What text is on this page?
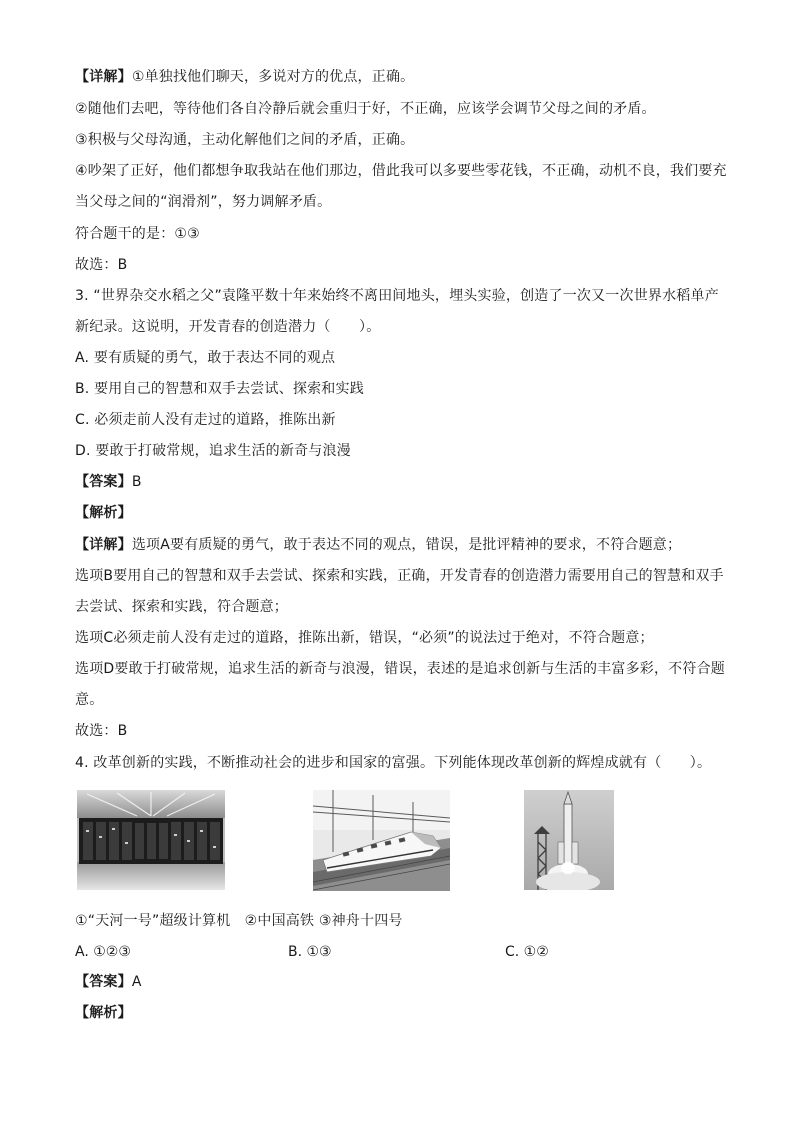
【详解】①单独找他们聊天，多说对方的优点，正确。
②随他们去吧，等待他们各自冷静后就会重归于好，不正确，应该学会调节父母之间的矛盾。
③积极与父母沟通，主动化解他们之间的矛盾，正确。
④吵架了正好，他们都想争取我站在他们那边，借此我可以多要些零花钱，不正确，动机不良，我们要充
当父母之间的“润滑剂”，努力调解矛盾。
符合题干的是：①③
故选：B
3. “世界杂交水稻之父”袁隆平数十年来始终不离田间地头，埋头实验，创造了一次又一次世界水稻单产
新纪录。这说明，开发青春的创造潜力（　　）。
A. 要有质疑的勇气，敢于表达不同的观点
B. 要用自己的智慧和双手去尝试、探索和实践
C. 必须走前人没有走过的道路，推陈出新
D. 要敢于打破常规，追求生活的新奇与浪漫
【答案】B
【解析】
【详解】选项A要有质疑的勇气，敢于表达不同的观点，错误，是批评精神的要求，不符合题意；
选项B要用自己的智慧和双手去尝试、探索和实践，正确，开发青春的创造潜力需要用自己的智慧和双手
去尝试、探索和实践，符合题意；
选项C必须走前人没有走过的道路，推陈出新，错误，“必须”的说法过于绝对，不符合题意；
选项D要敢于打破常规，追求生活的新奇与浪漫，错误，表述的是追求创新与生活的丰富多彩，不符合题
意。
故选：B
4. 改革创新的实践，不断推动社会的进步和国家的富强。下列能体现改革创新的辉煌成就有（　　）。
①“天河一号”超级计算机　②中国高铁 ③神舟十四号
A. ①②③	B. ①③	C. ①②
【答案】A
【解析】
